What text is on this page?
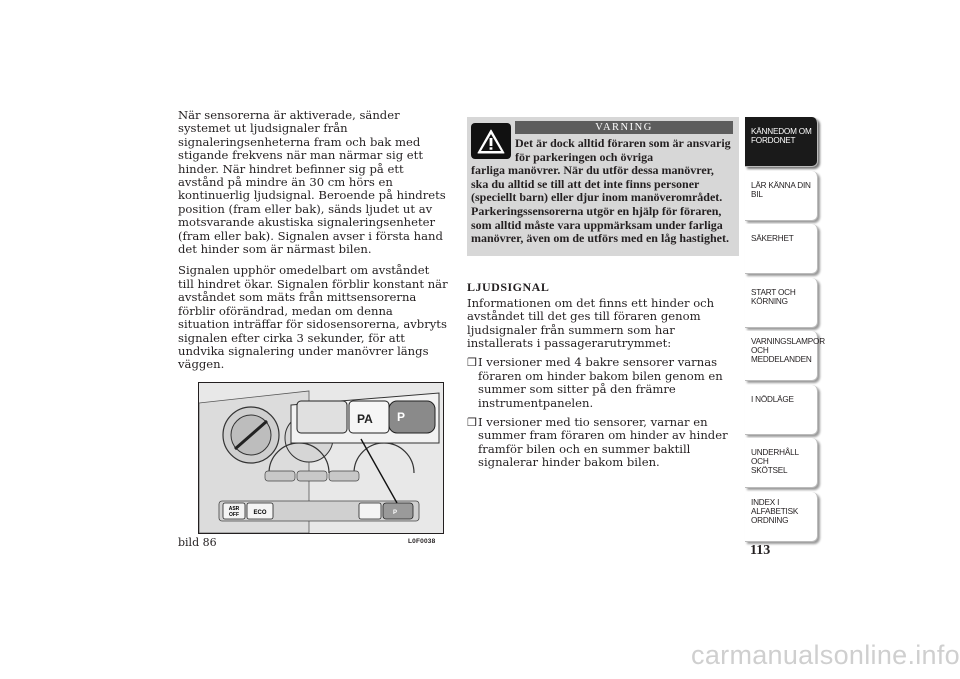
När sensorerna är aktiverade, sänder systemet ut ljudsignaler från signaleringsenheterna fram och bak med stigande frekvens när man närmar sig ett hinder. När hindret befinner sig på ett avstånd på mindre än 30 cm hörs en kontinuerlig ljudsignal. Beroende på hindrets position (fram eller bak), sänds ljudet ut av motsvarande akustiska signaleringsenheter (fram eller bak). Signalen avser i första hand det hinder som är närmast bilen.

Signalen upphör omedelbart om avståndet till hindret ökar. Signalen förblir konstant när avståndet som mäts från mittsensorerna förblir oförändrad, medan om denna situation inträffar för sidosensorerna, avbryts signalen efter cirka 3 sekunder, för att undvika signalering under manövrer längs väggen.

ASR
OFF ECO	P
P⁠A P
bild 86	L0F0038
VARNING
Det är dock alltid föraren som är ansvarig för parkeringen och övriga
farliga manövrer. När du utför dessa manövrer, ska du alltid se till att det inte finns personer (speciellt barn) eller djur inom manöverområdet. Parkeringssensorerna utgör en hjälp för föraren, som alltid måste vara uppmärksam under farliga manövrer, även om de utförs med en låg hastighet.
LJUDSIGNAL

Informationen om det finns ett hinder och avståndet till det ges till föraren genom ljudsignaler från summern som har installerats i passagerarutrymmet:

❒ I versioner med 4 bakre sensorer varnas föraren om hinder bakom bilen genom en summer som sitter på den främre instrumentpanelen.
❒ I versioner med tio sensorer, varnar en summer fram föraren om hinder av hinder framför bilen och en summer baktill signalerar hinder bakom bilen.
KÄNNEDOM OM
FORDONET
LÄR KÄNNA DIN
BIL
SÄKERHET
START OCH
KÖRNING
VARNINGSLAMPOR
OCH
MEDDELANDEN
I NÖDLÄGE
UNDERHÅLL OCH
SKÖTSEL
INDEX I
ALFABETISK
ORDNING
113
carmanualsonline.info
